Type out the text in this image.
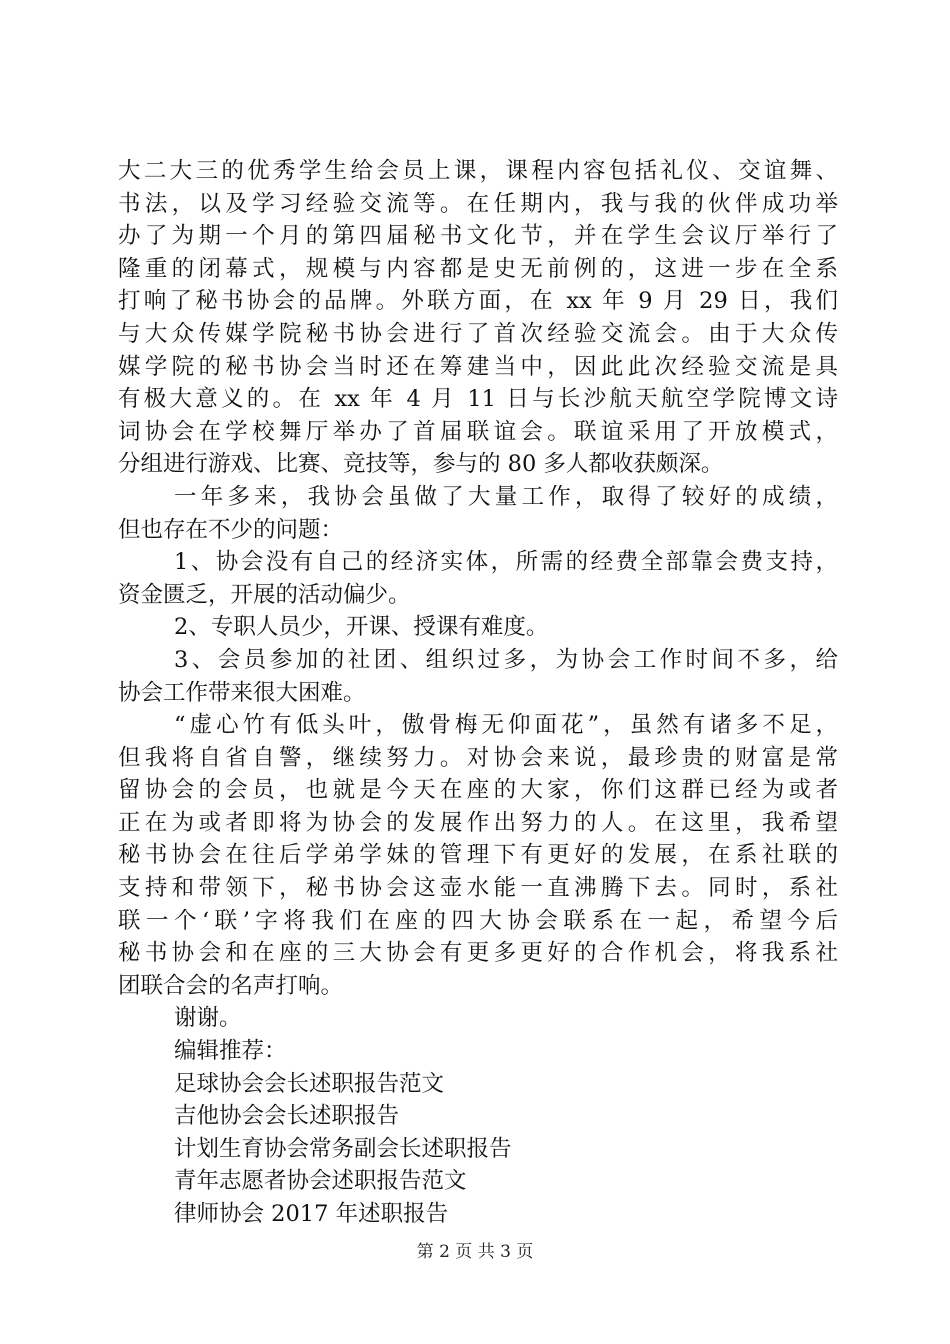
大二大三的优秀学生给会员上课，课程内容包括礼仪、交谊舞、
书法，以及学习经验交流等。在任期内，我与我的伙伴成功举
办了为期一个月的第四届秘书文化节，并在学生会议厅举行了
隆重的闭幕式，规模与内容都是史无前例的，这进一步在全系
打响了秘书协会的品牌。外联方面，在 xx 年 9 月 29 日，我们
与大众传媒学院秘书协会进行了首次经验交流会。由于大众传
媒学院的秘书协会当时还在筹建当中，因此此次经验交流是具
有极大意义的。在 xx 年 4 月 11 日与长沙航天航空学院博文诗
词协会在学校舞厅举办了首届联谊会。联谊采用了开放模式，
分组进行游戏、比赛、竞技等，参与的 80 多人都收获颇深。
一年多来，我协会虽做了大量工作，取得了较好的成绩，
但也存在不少的问题：
1、协会没有自己的经济实体，所需的经费全部靠会费支持，
资金匮乏，开展的活动偏少。
2、专职人员少，开课、授课有难度。
3、会员参加的社团、组织过多，为协会工作时间不多，给
协会工作带来很大困难。
“虚心竹有低头叶，傲骨梅无仰面花”，虽然有诸多不足，
但我将自省自警，继续努力。对协会来说，最珍贵的财富是常
留协会的会员，也就是今天在座的大家，你们这群已经为或者
正在为或者即将为协会的发展作出努力的人。在这里，我希望
秘书协会在往后学弟学妹的管理下有更好的发展，在系社联的
支持和带领下，秘书协会这壶水能一直沸腾下去。同时，系社
联一个‘联’字将我们在座的四大协会联系在一起，希望今后
秘书协会和在座的三大协会有更多更好的合作机会，将我系社
团联合会的名声打响。
谢谢。
编辑推荐：
足球协会会长述职报告范文
吉他协会会长述职报告
计划生育协会常务副会长述职报告
青年志愿者协会述职报告范文
律师协会 2017 年述职报告
第 2 页 共 3 页
